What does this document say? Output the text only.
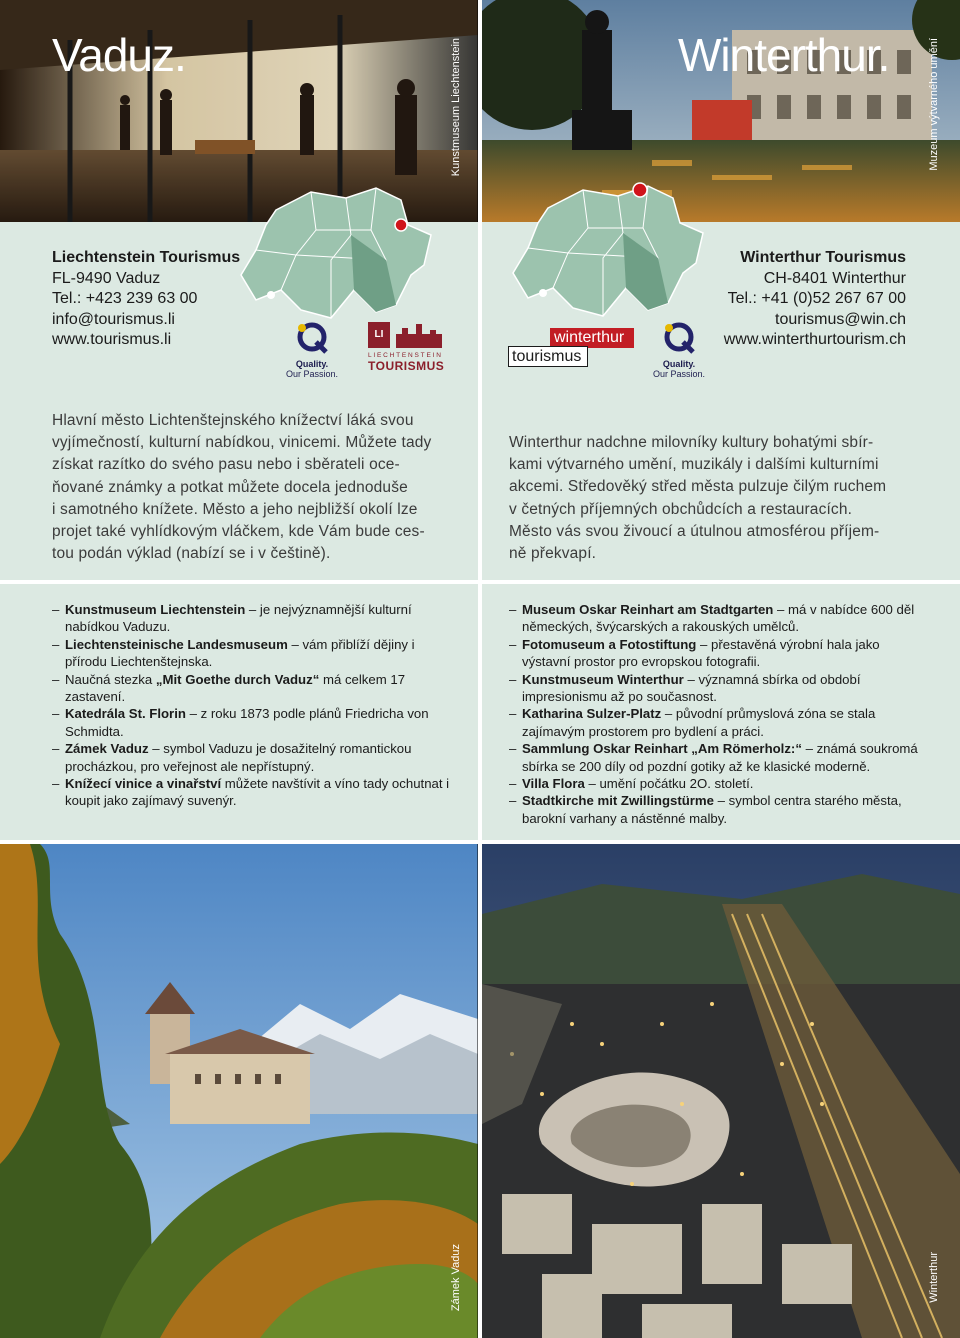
Vaduz.	Kunstmuseum Liechtenstein	Winterthur.	Muzeum výtvarného umění
Liechtenstein Tourismus
FL-9490 Vaduz
Tel.: +423 239 63 00
info@tourismus.li
www.tourismus.li
Quality.
Our Passion.
LI
LIECHTENSTEIN
TOURISMUS
Winterthur Tourismus
CH-8401 Winterthur
Tel.: +41 (0)52 267 67 00
tourismus@win.ch
www.winterthurtourism.ch
winterthur
tourismus	Quality.
Our Passion.
Hlavní město Lichtenštejnského knížectví láká svou
vyjímečností, kulturní nabídkou, vinicemi. Můžete tady
získat razítko do svého pasu nebo i sběrateli oce-
ňované známky a potkat můžete docela jednoduše
i samotného knížete. Město a jeho nejbližší okolí lze
projet také vyhlídkovým vláčkem, kde Vám bude ces-
tou podán výklad (nabízí se i v češtině).
Winterthur nadchne milovníky kultury bohatými sbír-
kami výtvarného umění, muzikály i dalšími kulturními
akcemi. Středověký střed města pulzuje čilým ruchem
v četných příjemných obchůdcích a restauracích.
Město vás svou živoucí a útulnou atmosférou příjem-
ně překvapí.
– Kunstmuseum Liechtenstein – je nejvýznamnější kulturní nabídkou Vaduzu.
– Liechtensteinische Landesmuseum – vám přiblíží dějiny i přírodu Liechtenštejnska.
– Naučná stezka „Mit Goethe durch Vaduz“ má celkem 17 zastavení.
– Katedrála St. Florin – z roku 1873 podle plánů Friedricha von Schmidta.
– Zámek Vaduz – symbol Vaduzu je dosažitelný romantickou procházkou, pro veřejnost ale nepřístupný.
– Knížecí vinice a vinařství můžete navštívit a víno tady ochutnat i koupit jako zajímavý suvenýr.
– Museum Oskar Reinhart am Stadtgarten – má v nabídce 600 děl německých, švýcarských a rakouských umělců.
– Fotomuseum a Fotostiftung – přestavěná výrobní hala jako výstavní prostor pro evropskou fotografii.
– Kunstmuseum Winterthur – významná sbírka od období impresionismu až po současnost.
– Katharina Sulzer-Platz – původní průmyslová zóna se stala zajímavým prostorem pro bydlení a práci.
– Sammlung Oskar Reinhart „Am Römerholz:“ – známá soukromá sbírka se 200 díly od pozdní gotiky až ke klasické moderně.
– Villa Flora – umění počátku 2O. století.
– Stadtkirche mit Zwillingstürme – symbol centra starého města, barokní varhany a nástěnné malby.
Zámek Vaduz	Winterthur
